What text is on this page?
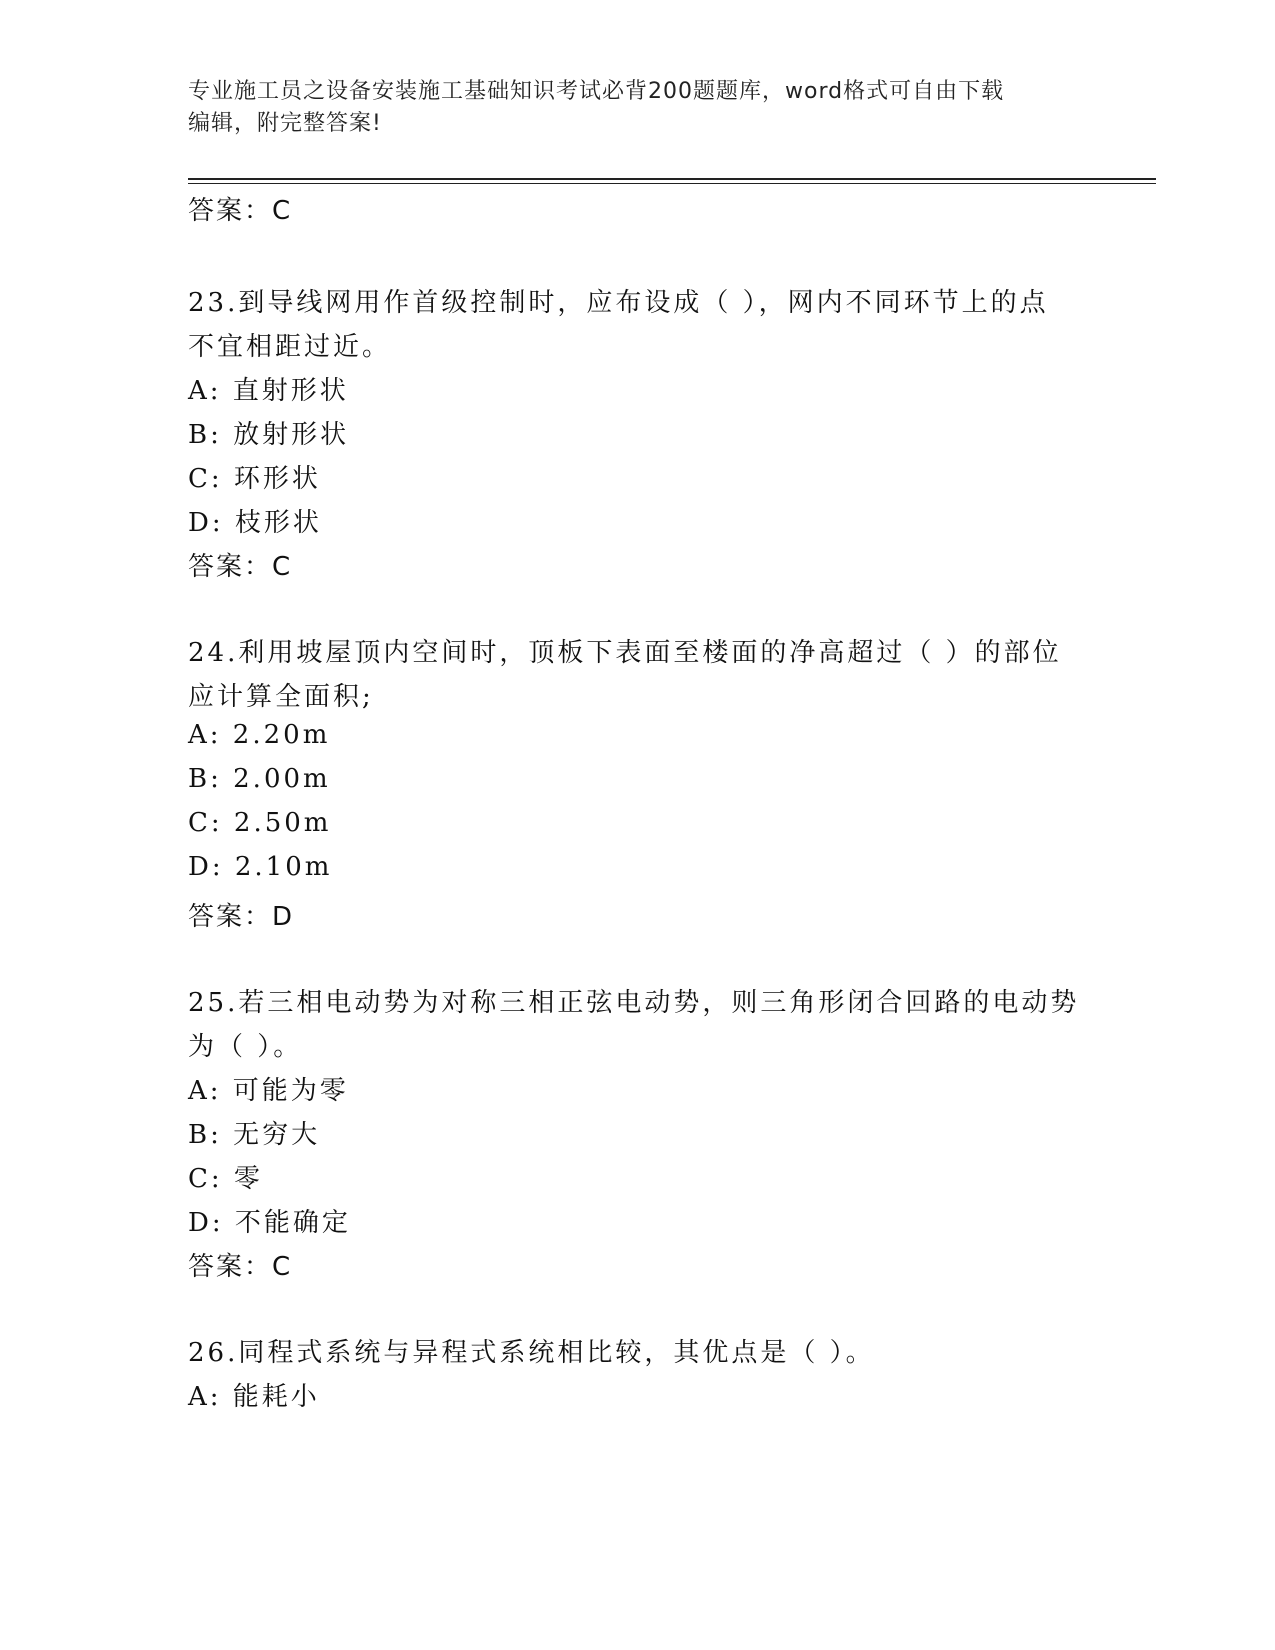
专业施工员之设备安装施工基础知识考试必背200题题库，word格式可自由下载
编辑，附完整答案!
答案：C
23.到导线网用作首级控制时，应布设成（ ），网内不同环节上的点
不宜相距过近。
A: 直射形状
B: 放射形状
C: 环形状
D: 枝形状
答案：C
24.利用坡屋顶内空间时，顶板下表面至楼面的净高超过（ ）的部位
应计算全面积;
A: 2.20m
B: 2.00m
C: 2.50m
D: 2.10m
答案：D
25.若三相电动势为对称三相正弦电动势，则三角形闭合回路的电动势
为（ ）。
A: 可能为零
B: 无穷大
C: 零
D: 不能确定
答案：C
26.同程式系统与异程式系统相比较，其优点是（ ）。
A: 能耗小
